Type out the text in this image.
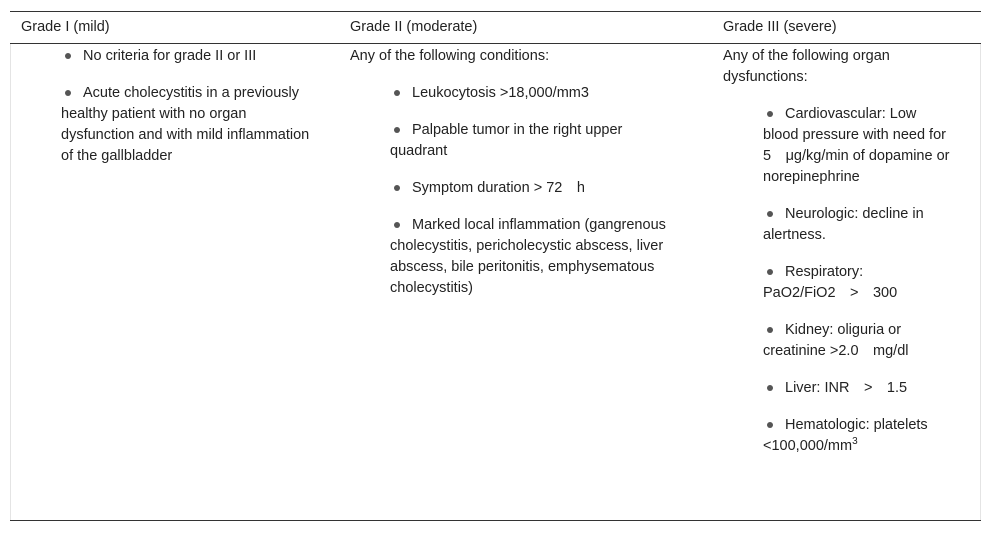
Grade I (mild)	Grade II (moderate)	Grade III (severe)
No criteria for grade II or III
Acute cholecystitis in a previously healthy patient with no organ dysfunction and with mild inflammation of the gallbladder
Any of the following conditions:
Leukocytosis >18,000/mm3
Palpable tumor in the right upper quadrant
Symptom duration > 72  h
Marked local inflammation (gangrenous cholecystitis, pericholecystic abscess, liver abscess, bile peritonitis, emphysematous cholecystitis)
Any of the following organ dysfunctions:
Cardiovascular: Low blood pressure with need for 5  μg/kg/min of dopamine or norepinephrine
Neurologic: decline in alertness.
Respiratory: PaO2/FiO2  >  300
Kidney: oliguria or creatinine >2.0  mg/dl
Liver: INR  >  1.5
Hematologic: platelets $<100,000/mm^3$
